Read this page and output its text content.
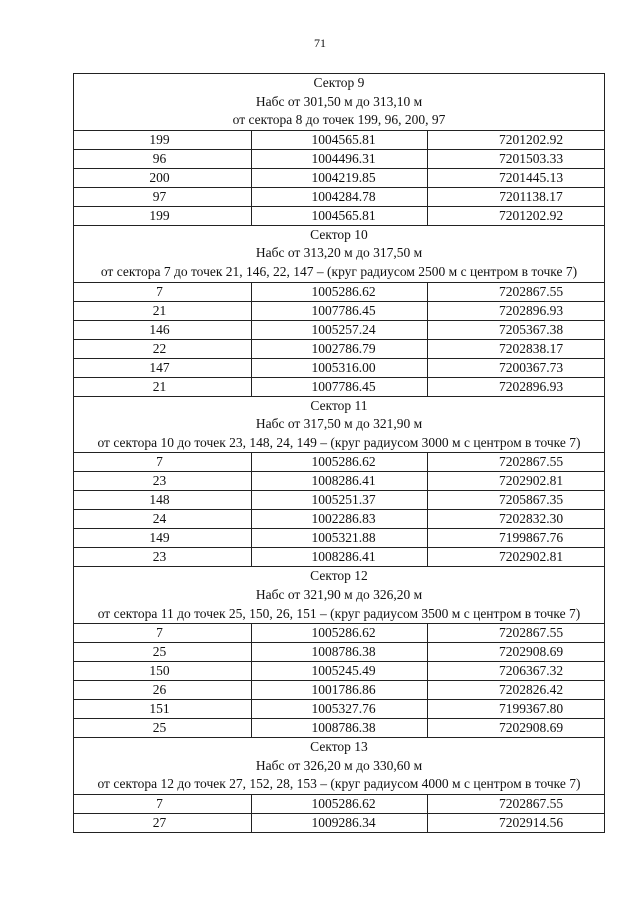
71
Сектор 9		
Набс от 301,50 м до 313,10 м		
от сектора 8 до точек 199, 96, 200, 97		
199	1004565.81	7201202.92
96	1004496.31	7201503.33
200	1004219.85	7201445.13
97	1004284.78	7201138.17
199	1004565.81	7201202.92
Сектор 10		
Набс от 313,20 м до 317,50 м		
от сектора 7 до точек 21, 146, 22, 147 – (круг радиусом 2500 м с центром в точке 7)		
7	1005286.62	7202867.55
21	1007786.45	7202896.93
146	1005257.24	7205367.38
22	1002786.79	7202838.17
147	1005316.00	7200367.73
21	1007786.45	7202896.93
Сектор 11		
Набс от 317,50 м до 321,90 м		
от сектора 10 до точек 23, 148, 24, 149 – (круг радиусом 3000 м с центром в точке 7)		
7	1005286.62	7202867.55
23	1008286.41	7202902.81
148	1005251.37	7205867.35
24	1002286.83	7202832.30
149	1005321.88	7199867.76
23	1008286.41	7202902.81
Сектор 12		
Набс от 321,90 м до 326,20 м		
от сектора 11 до точек 25, 150, 26, 151 – (круг радиусом 3500 м с центром в точке 7)		
7	1005286.62	7202867.55
25	1008786.38	7202908.69
150	1005245.49	7206367.32
26	1001786.86	7202826.42
151	1005327.76	7199367.80
25	1008786.38	7202908.69
Сектор 13		
Набс от 326,20 м до 330,60 м		
от сектора 12 до точек 27, 152, 28, 153 – (круг радиусом 4000 м с центром в точке 7)		
7	1005286.62	7202867.55
27	1009286.34	7202914.56
